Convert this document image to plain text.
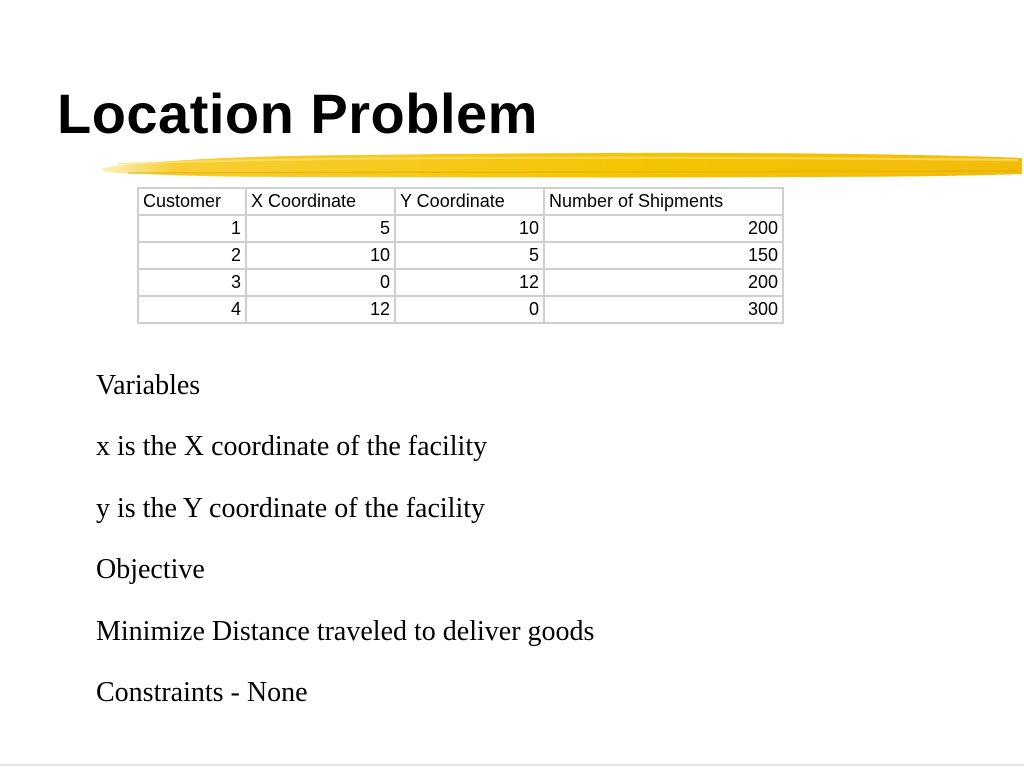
Location Problem
Customer	X Coordinate	Y Coordinate	Number of Shipments
1	5	10	200
2	10	5	150
3	0	12	200
4	12	0	300
Variables
x is the X coordinate of the facility
y is the Y coordinate of the facility
Objective
Minimize Distance traveled to deliver goods
Constraints - None
